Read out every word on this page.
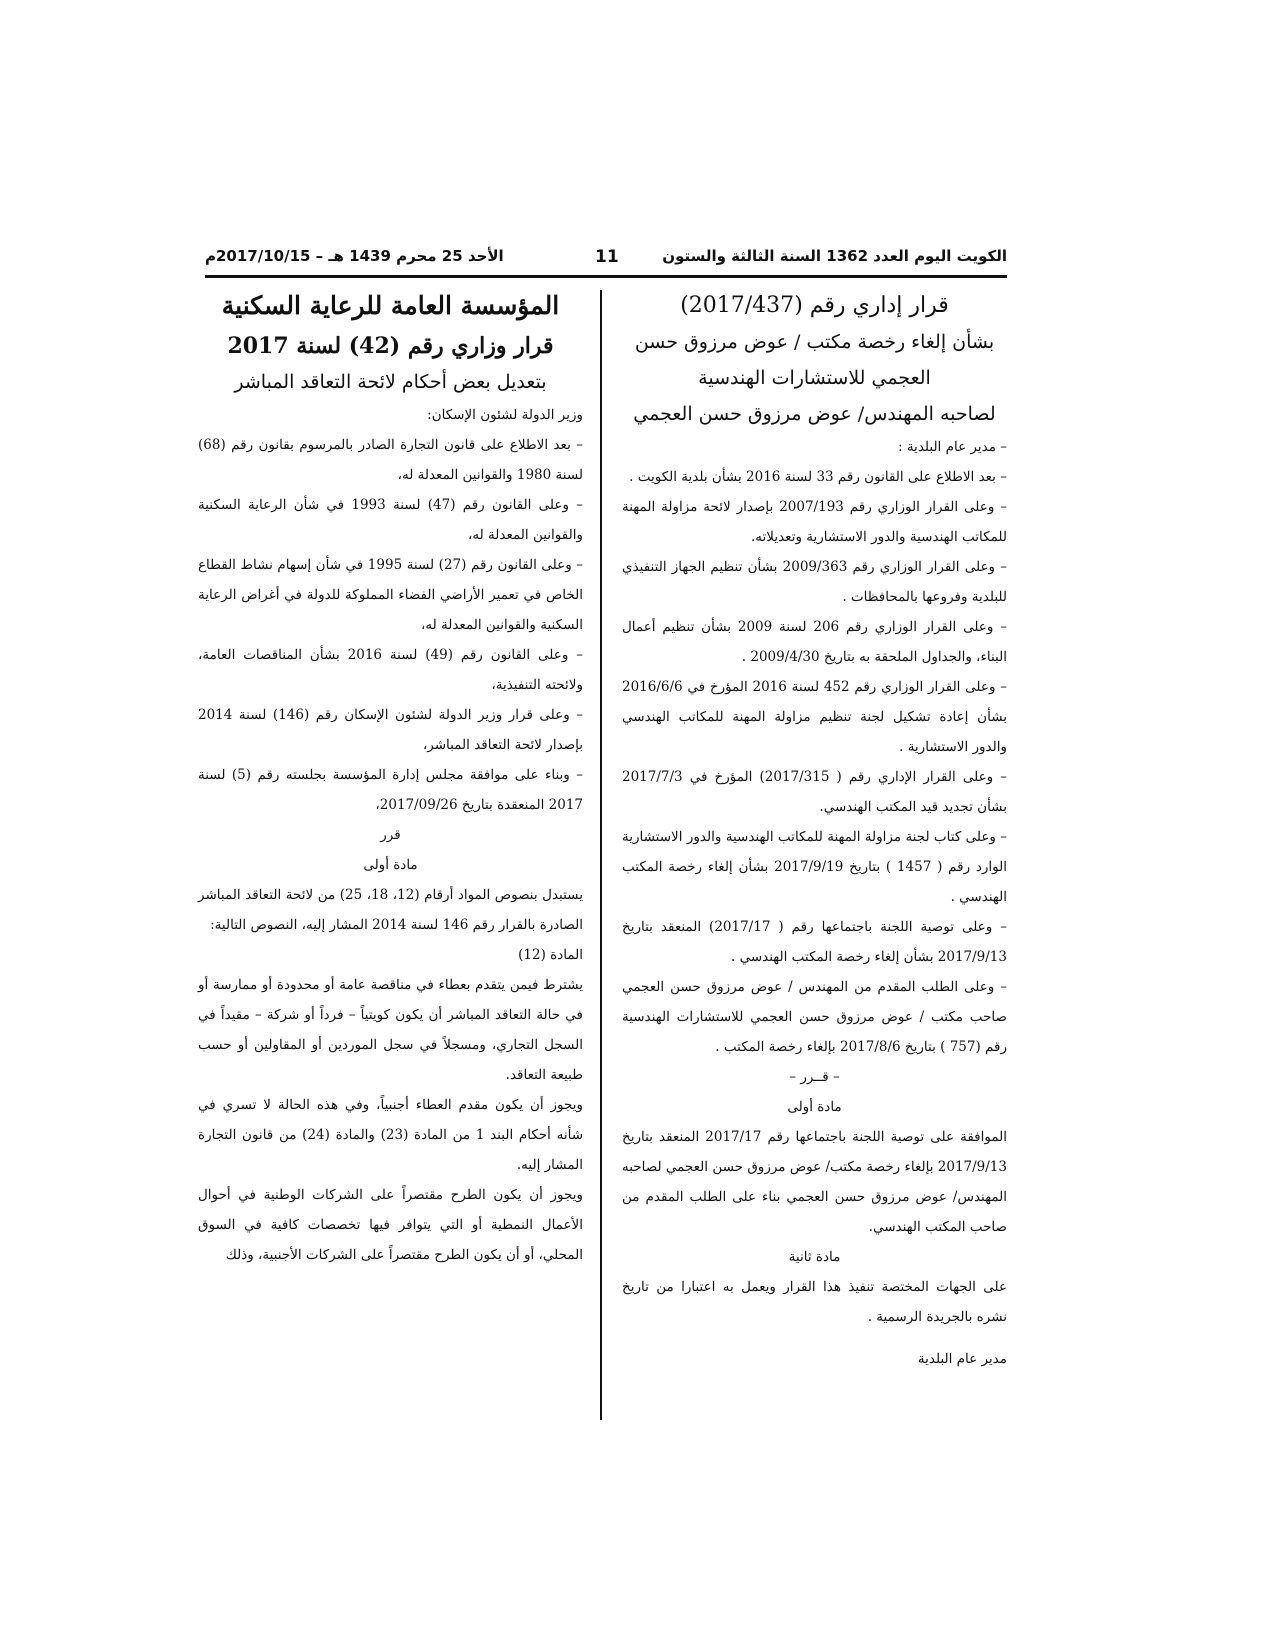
الكويت اليوم العدد 1362 السنة الثالثة والستون
11
الأحد 25 محرم 1439 هـ – 2017/10/15م
قرار إداري رقم (2017/437)
بشأن إلغاء رخصة مكتب / عوض مرزوق حسن
العجمي للاستشارات الهندسية
لصاحبه المهندس/ عوض مرزوق حسن العجمي

– مدير عام البلدية :

– بعد الاطلاع على القانون رقم 33 لسنة 2016 بشأن بلدية الكويت .

– وعلى القرار الوزاري رقم 2007/193 بإصدار لائحة مزاولة المهنة للمكاتب الهندسية والدور الاستشارية وتعديلاته.

– وعلى القرار الوزاري رقم 2009/363 بشأن تنظيم الجهاز التنفيذي للبلدية وفروعها بالمحافظات .

– وعلى القرار الوزاري رقم 206 لسنة 2009 بشأن تنظيم أعمال البناء، والجداول الملحقة به بتاريخ 2009/4/30 .

– وعلى القرار الوزاري رقم 452 لسنة 2016 المؤرخ في 2016/6/6 بشأن إعادة تشكيل لجنة تنظيم مزاولة المهنة للمكاتب الهندسي والدور الاستشارية .

– وعلى القرار الإداري رقم ( 2017/315) المؤرخ في 2017/7/3 بشأن تجديد قيد المكتب الهندسي.

– وعلى كتاب لجنة مزاولة المهنة للمكاتب الهندسية والدور الاستشارية الوارد رقم ( 1457 ) بتاريخ 2017/9/19 بشأن إلغاء رخصة المكتب الهندسي .

– وعلى توصية اللجنة باجتماعها رقم ( 2017/17) المنعقد بتاريخ 2017/9/13 بشأن إلغاء رخصة المكتب الهندسي .

– وعلى الطلب المقدم من المهندس / عوض مرزوق حسن العجمي صاحب مكتب / عوض مرزوق حسن العجمي للاستشارات الهندسية رقم (757 ) بتاريخ 2017/8/6 بإلغاء رخصة المكتب .

– قــرر –

مادة أولى

الموافقة على توصية اللجنة باجتماعها رقم 2017/17 المنعقد بتاريخ 2017/9/13 بإلغاء رخصة مكتب/ عوض مرزوق حسن العجمي لصاحبه المهندس/ عوض مرزوق حسن العجمي بناء على الطلب المقدم من صاحب المكتب الهندسي.

مادة ثانية

على الجهات المختصة تنفيذ هذا القرار ويعمل به اعتبارا من تاريخ نشره بالجريدة الرسمية .

مدير عام البلدية
المؤسسة العامة للرعاية السكنية
قرار وزاري رقم (42) لسنة 2017
بتعديل بعض أحكام لائحة التعاقد المباشر

وزير الدولة لشئون الإسكان:

– بعد الاطلاع على قانون التجارة الصادر بالمرسوم بقانون رقم (68) لسنة 1980 والقوانين المعدلة له،

– وعلى القانون رقم (47) لسنة 1993 في شأن الرعاية السكنية والقوانين المعدلة له،

– وعلى القانون رقم (27) لسنة 1995 في شأن إسهام نشاط القطاع الخاص في تعمير الأراضي الفضاء المملوكة للدولة في أغراض الرعاية السكنية والقوانين المعدلة له،

– وعلى القانون رقم (49) لسنة 2016 بشأن المناقصات العامة، ولائحته التنفيذية،

– وعلى قرار وزير الدولة لشئون الإسكان رقم (146) لسنة 2014 بإصدار لائحة التعاقد المباشر،

– وبناء على موافقة مجلس إدارة المؤسسة بجلسته رقم (5) لسنة 2017 المنعقدة بتاريخ 2017/09/26،

قرر

مادة أولى

يستبدل بنصوص المواد أرقام (12، 18، 25) من لائحة التعاقد المباشر الصادرة بالقرار رقم 146 لسنة 2014 المشار إليه، النصوص التالية:

المادة (12)

يشترط فيمن يتقدم بعطاء في مناقصة عامة أو محدودة أو ممارسة أو في حالة التعاقد المباشر أن يكون كويتياً – فرداً أو شركة – مقيداً في السجل التجاري، ومسجلاً في سجل الموردين أو المقاولين أو حسب طبيعة التعاقد.

ويجوز أن يكون مقدم العطاء أجنبياً، وفي هذه الحالة لا تسري في شأنه أحكام البند 1 من المادة (23) والمادة (24) من قانون التجارة المشار إليه.

ويجوز أن يكون الطرح مقتصراً على الشركات الوطنية في أحوال الأعمال النمطية أو التي يتوافر فيها تخصصات كافية في السوق المحلي، أو أن يكون الطرح مقتصراً على الشركات الأجنبية، وذلك
